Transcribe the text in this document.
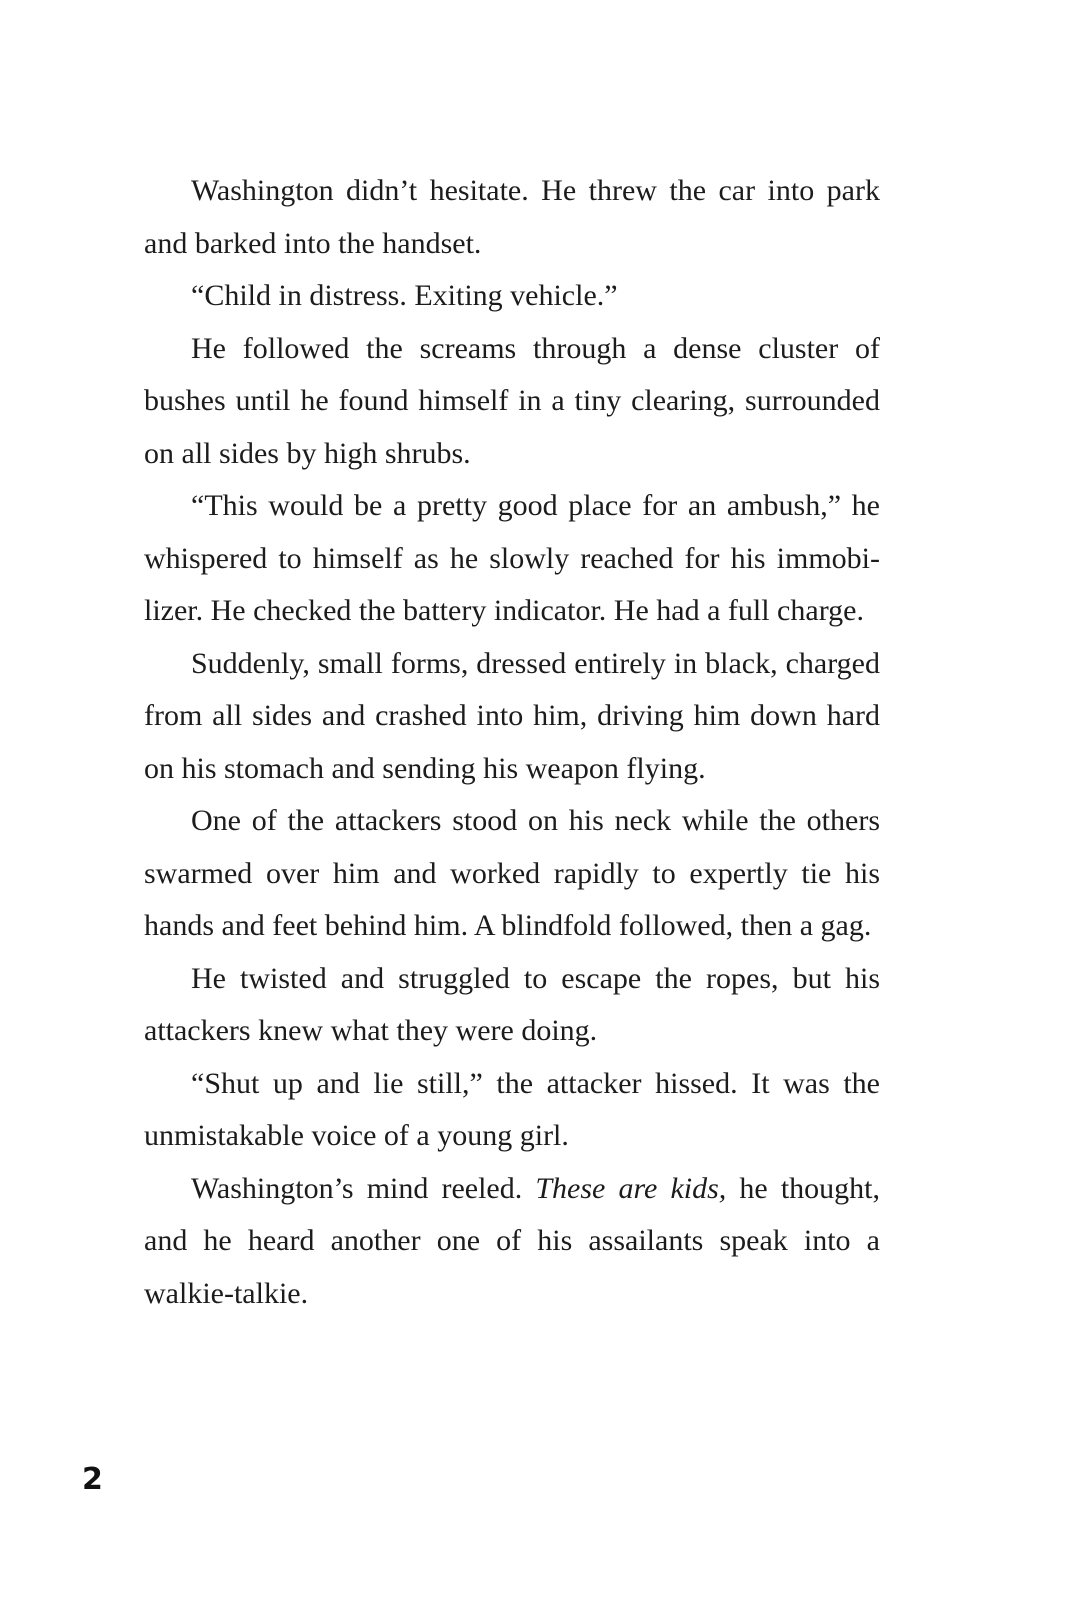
Washington didn’t hesitate. He threw the car into park and barked into the handset.

“Child in distress. Exiting vehicle.”

He followed the screams through a dense cluster of bushes until he found himself in a tiny clearing, surrounded on all sides by high shrubs.

“This would be a pretty good place for an ambush,” he whispered to himself as he slowly reached for his immobi-lizer. He checked the battery indicator. He had a full charge.

Suddenly, small forms, dressed entirely in black, charged from all sides and crashed into him, driving him down hard on his stomach and sending his weapon flying.

One of the attackers stood on his neck while the others swarmed over him and worked rapidly to expertly tie his hands and feet behind him. A blindfold followed, then a gag.

He twisted and struggled to escape the ropes, but his attackers knew what they were doing.

“Shut up and lie still,” the attacker hissed. It was the unmistakable voice of a young girl.

Washington’s mind reeled. These are kids, he thought, and he heard another one of his assailants speak into a walkie-talkie.

2
